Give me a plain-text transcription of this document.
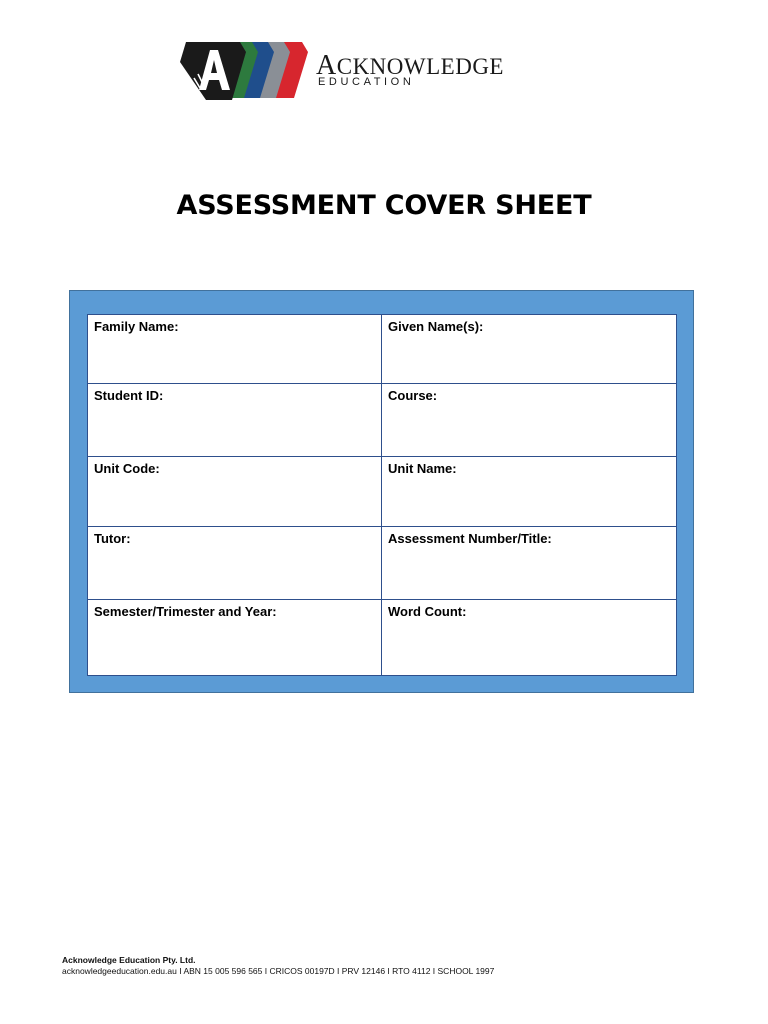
ACKNOWLEDGE
EDUCATION
ASSESSMENT COVER SHEET
Family Name:	Given Name(s):

Student ID:	Course:

Unit Code:	Unit Name:

Tutor:	Assessment Number/Title:

Semester/Trimester and Year:	Word Count:
Acknowledge Education Pty. Ltd.
acknowledgeeducation.edu.au I ABN 15 005 596 565 I CRICOS 00197D I PRV 12146 I RTO 4112 I SCHOOL 1997
